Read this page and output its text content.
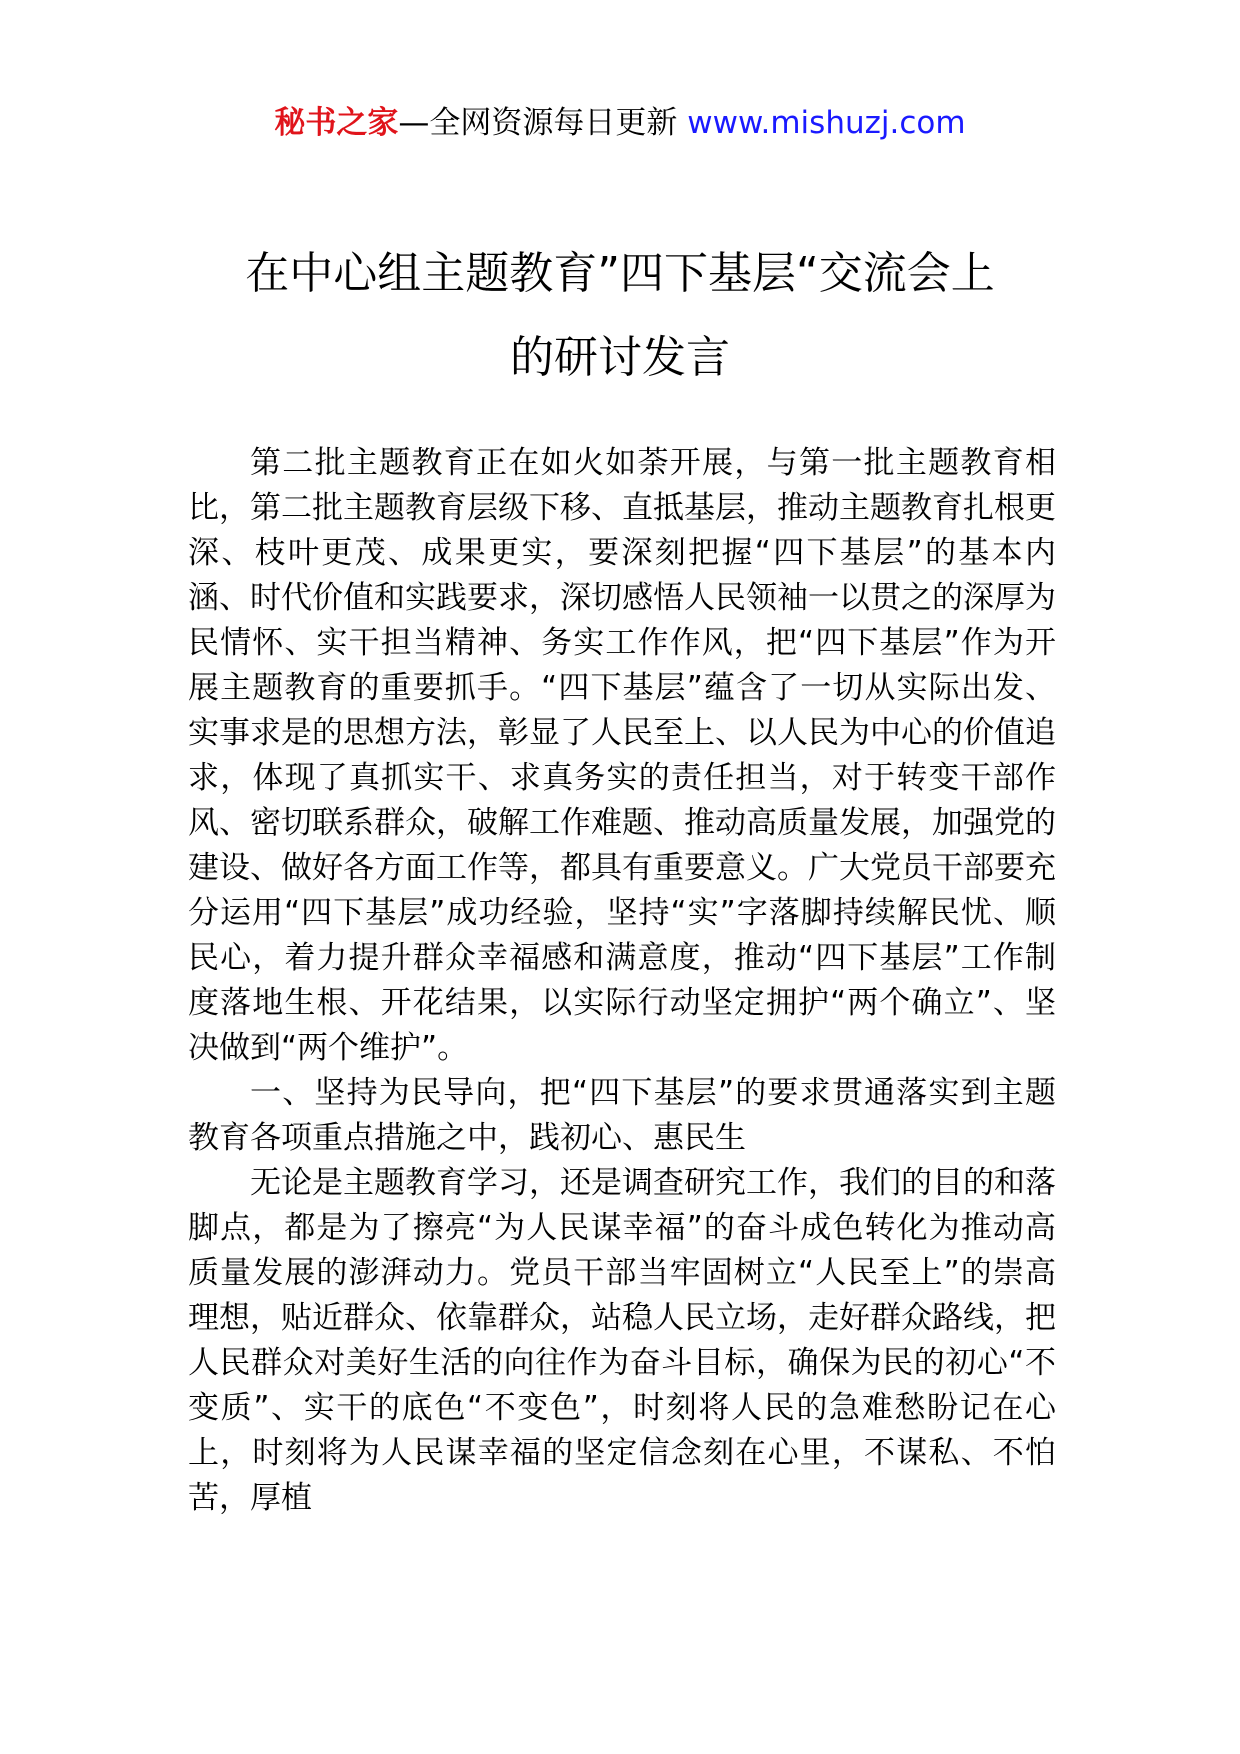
秘书之家—全网资源每日更新 www.mishuzj.com
在中心组主题教育”四下基层“交流会上
的研讨发言

第二批主题教育正在如火如荼开展，与第一批主题教育相比，第二批主题教育层级下移、直抵基层，推动主题教育扎根更深、枝叶更茂、成果更实，要深刻把握“四下基层”的基本内涵、时代价值和实践要求，深切感悟人民领袖一以贯之的深厚为民情怀、实干担当精神、务实工作作风，把“四下基层”作为开展主题教育的重要抓手。“四下基层”蕴含了一切从实际出发、实事求是的思想方法，彰显了人民至上、以人民为中心的价值追求，体现了真抓实干、求真务实的责任担当，对于转变干部作风、密切联系群众，破解工作难题、推动高质量发展，加强党的建设、做好各方面工作等，都具有重要意义。广大党员干部要充分运用“四下基层”成功经验，坚持“实”字落脚持续解民忧、顺民心，着力提升群众幸福感和满意度，推动“四下基层”工作制度落地生根、开花结果，以实际行动坚定拥护“两个确立”、坚决做到“两个维护”。

一、坚持为民导向，把“四下基层”的要求贯通落实到主题教育各项重点措施之中，践初心、惠民生

无论是主题教育学习，还是调查研究工作，我们的目的和落脚点，都是为了擦亮“为人民谋幸福”的奋斗成色转化为推动高质量发展的澎湃动力。党员干部当牢固树立“人民至上”的崇高理想，贴近群众、依靠群众，站稳人民立场，走好群众路线，把人民群众对美好生活的向往作为奋斗目标，确保为民的初心“不变质”、实干的底色“不变色”，时刻将人民的急难愁盼记在心上，时刻将为人民谋幸福的坚定信念刻在心里，不谋私、不怕苦，厚植
